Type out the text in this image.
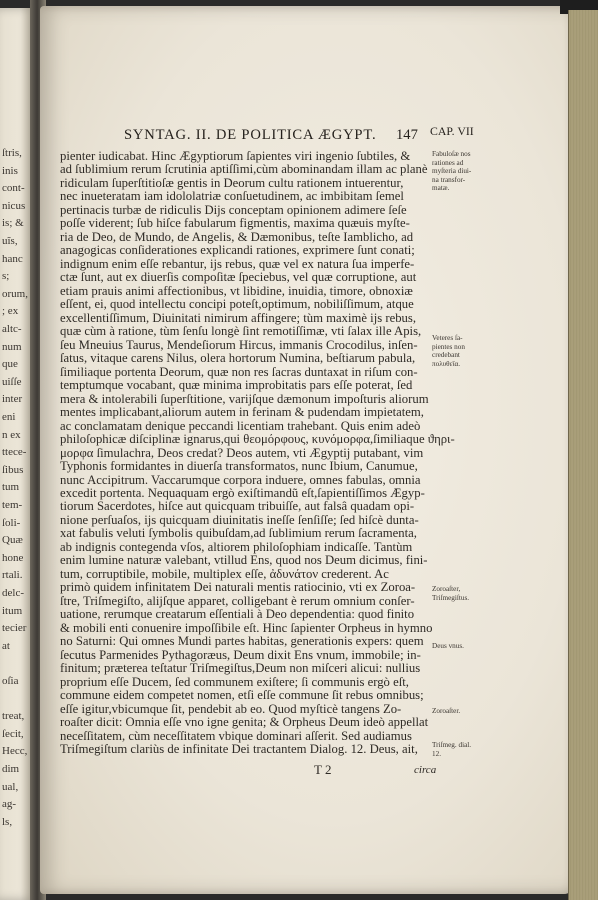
ſtris,
inis
cont-
nicus
is; &
uĩs,
hanc
s;
orum,
; ex
altc-
num
que
uiſſe
inter
eni
n ex
ttece-
ſibus
tum
tem-
ſoli-
Quæ
hone
rtali.
delc-
itum
tecier
at
oſia
treat,
ſecit,
Hecc,
dim
ual,
ag-
ls,
SYNTAG. II. DE POLITICA ÆGYPT. 147 CAP. VII
pienter iudicabat. Hinc Ægyptiorum ſapientes viri ingenio ſubtiles, &
ad ſublimium rerum ſcrutinia aptiſſimi,cùm abominandam illam ac planè
ridiculam ſuperſtitioſæ gentis in Deorum cultu rationem intuerentur,
nec inueteratam iam idololatriæ conſuetudinem, ac imbibitam ſemel
pertinacis turbæ de ridiculis Dijs conceptam opinionem adimere ſeſe
poſſe viderent; ſub hiſce fabularum figmentis, maxima quæuis myſte-
ria de Deo, de Mundo, de Angelis, & Dæmonibus, teſte Iamblicho, ad
anagogicas conſiderationes explicandi rationes, exprimere ſunt conati;
indignum enim eſſe rebantur, ijs rebus, quæ vel ex natura ſua imperfe-
ctæ ſunt, aut ex diuerſis compoſitæ ſpeciebus, vel quæ corruptione, aut
etiam prauis animi affectionibus, vt libidine, inuidia, timore, obnoxiæ
eſſent, ei, quod intellectu concipi poteſt,optimum, nobiliſſimum, atque
excellentiſſimum, Diuinitati nimirum affingere; tùm maximè ijs rebus,
quæ cùm à ratione, tùm ſenſu longè ſint remotiſſimæ, vti ſalax ille Apis,
ſeu Mneuius Taurus, Mendeſiorum Hircus, immanis Crocodilus, inſen-
ſatus, vitaque carens Nilus, olera hortorum Numina, beſtiarum pabula,
ſimiliaque portenta Deorum, quæ non res ſacras duntaxat in riſum con-
temptumque vocabant, quæ minima improbitatis pars eſſe poterat, ſed
mera & intolerabili ſuperſtitione, varijſque dæmonum impoſturis aliorum
mentes implicabant,aliorum autem in ferinam & pudendam impietatem,
ac conclamatam denique peccandi licentiam trahebant. Quis enim adeò
philoſophicæ diſciplinæ ignarus,qui θεομόρφους, κυνόμορφα,ſimiliaque ϑηρι-
μορφα ſimulachra, Deos credat? Deos autem, vti Ægyptij putabant, vim
Typhonis formidantes in diuerſa transformatos, nunc Ibium, Canumue,
nunc Accipitrum. Vaccarumque corpora induere, omnes fabulas, omnia
excedit portenta. Nequaquam ergò exiſtimandũ eſt,ſapientiſſimos Ægyp-
tiorum Sacerdotes, hiſce aut quicquam tribuiſſe, aut falsâ quadam opi-
nione perſuaſos, ijs quicquam diuinitatis ineſſe ſenſiſſe; ſed hiſcè dunta-
xat fabulis veluti ſymbolis quibuſdam,ad ſublimium rerum ſacramenta,
ab indignis contegenda vſos, altiorem philoſophiam indicaſſe. Tantùm
enim lumine naturæ valebant, vtillud Ens, quod nos Deum dicimus, fini-
tum, corruptibile, mobile, multiplex eſſe, ἀδυνάτον crederent. Ac
primò quidem infinitatem Dei naturali mentis ratiocinio, vti ex Zoroa-
ſtre, Triſmegiſto, alijſque apparet, colligebant è rerum omnium conſer-
uatione, rerumque creatarum eſſentiali à Deo dependentia: quod finito
& mobili enti conuenire impoſſibile eſt. Hinc ſapienter Orpheus in hymno
no Saturni: Qui omnes Mundi partes habitas, generationis expers: quem
ſecutus Parmenides Pythagoræus, Deum dixit Ens vnum, immobile; in-
finitum; præterea teſtatur Triſmegiſtus,Deum non miſceri alicui: nullius
proprium eſſe Ducem, ſed communem exiſtere; ſi communis ergò eſt,
commune eidem competet nomen, etſi eſſe commune ſit rebus omnibus;
eſſe igitur,vbicumque ſit, pendebit ab eo. Quod myſticè tangens Zo-
roaſter dicit: Omnia eſſe vno igne genita; & Orpheus Deum ideò appellat
neceſſitatem, cùm neceſſitatem vbique dominari aſſerit. Sed audiamus
Triſmegiſtum clariùs de infinitate Dei tractantem Dialog. 12. Deus, ait,
Fabuloſæ nos
rationes ad
myſteria diui-
na transfor-
matæ.
Veteres ſa-
pientes non
credebant
πολυθεΐα.
Zoroaſter,
Triſmegiſtus.
Deus vnus.
Zoroaſter.
Triſmeg. dial.
12.
T 2	circa
